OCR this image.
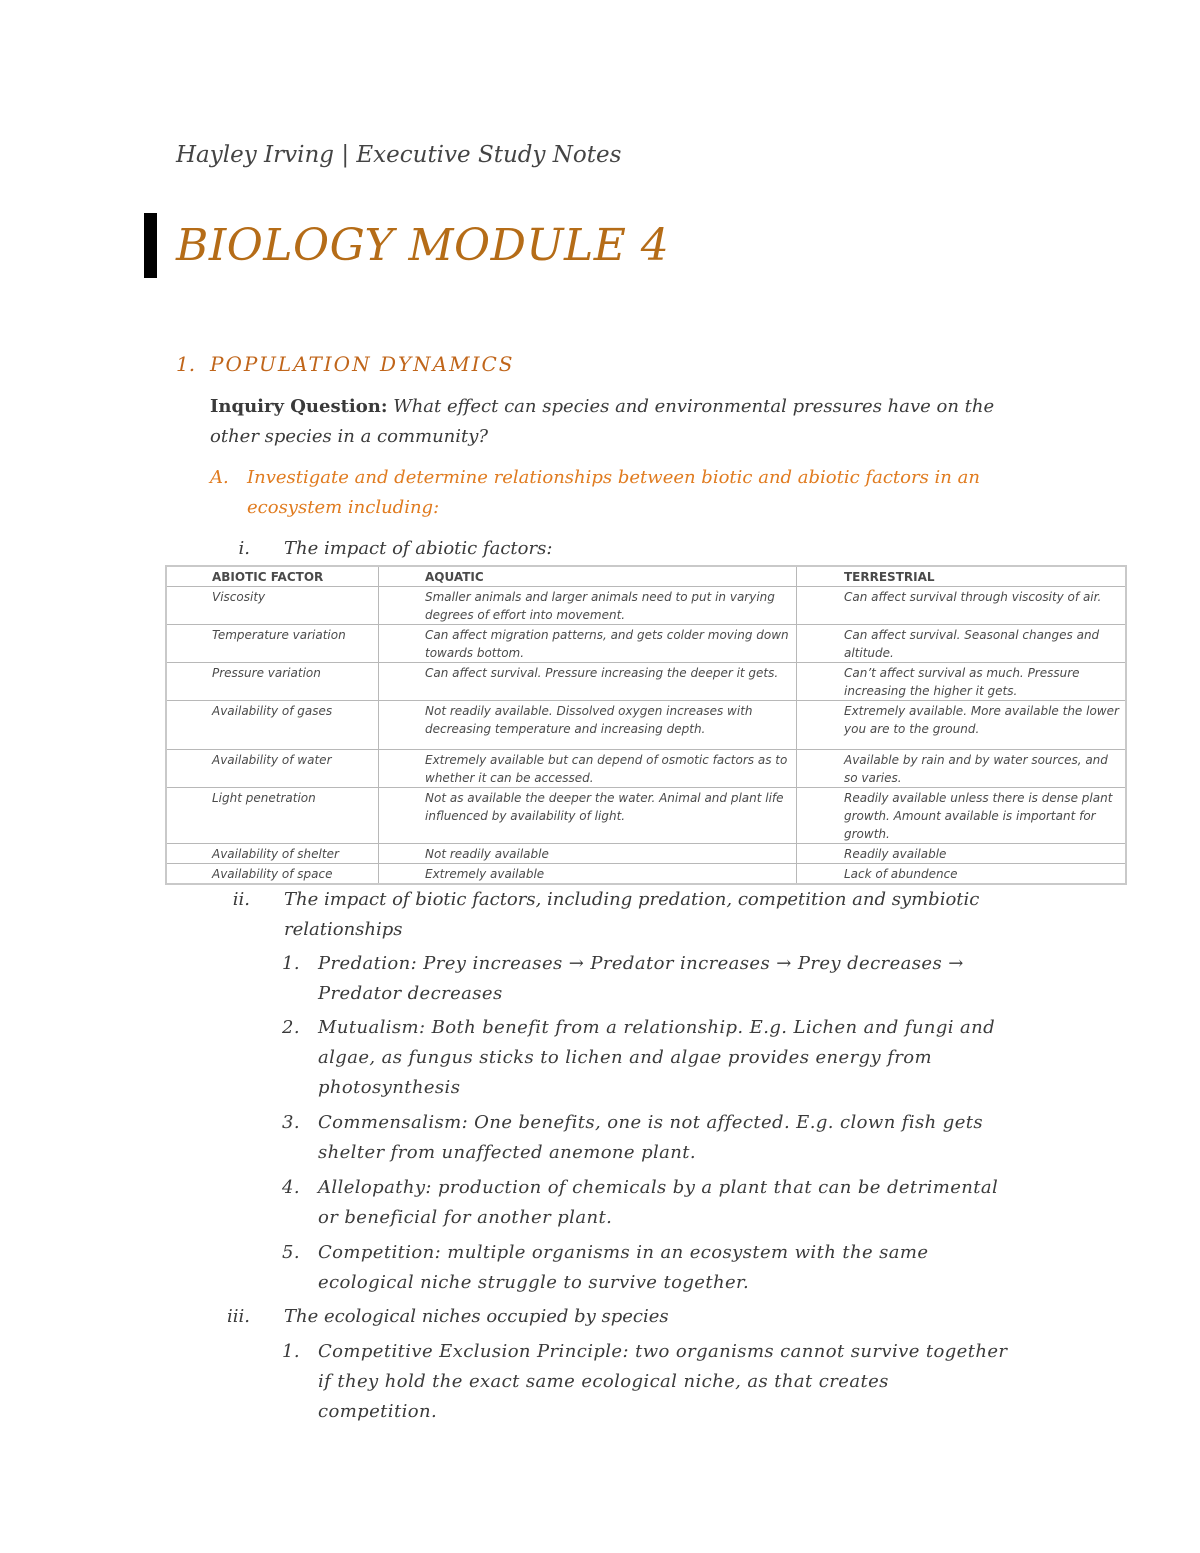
Hayley Irving | Executive Study Notes
BIOLOGY MODULE 4
1. POPULATION DYNAMICS
Inquiry Question: What effect can species and environmental pressures have on the other species in a community?
A.	Investigate and determine relationships between biotic and abiotic factors in an ecosystem including:
i. The impact of abiotic factors:
ABIOTIC FACTOR	AQUATIC	TERRESTRIAL
Viscosity	Smaller animals and larger animals need to put in varying degrees of effort into movement.	Can affect survival through viscosity of air.
Temperature variation	Can affect migration patterns, and gets colder moving down towards bottom.	Can affect survival. Seasonal changes and altitude.
Pressure variation	Can affect survival. Pressure increasing the deeper it gets.	Can’t affect survival as much. Pressure increasing the higher it gets.
Availability of gases	Not readily available. Dissolved oxygen increases with decreasing temperature and increasing depth.	Extremely available. More available the lower you are to the ground.
Availability of water	Extremely available but can depend of osmotic factors as to whether it can be accessed.	Available by rain and by water sources, and so varies.
Light penetration	Not as available the deeper the water. Animal and plant life influenced by availability of light.	Readily available unless there is dense plant growth. Amount available is important for growth.
Availability of shelter	Not readily available	Readily available
Availability of space	Extremely available	Lack of abundence
ii. The impact of biotic factors, including predation, competition and symbiotic relationships
1. Predation: Prey increases → Predator increases → Prey decreases → Predator decreases
2. Mutualism: Both benefit from a relationship. E.g. Lichen and fungi and algae, as fungus sticks to lichen and algae provides energy from photosynthesis
3. Commensalism: One benefits, one is not affected. E.g. clown fish gets shelter from unaffected anemone plant.
4. Allelopathy: production of chemicals by a plant that can be detrimental or beneficial for another plant.
5. Competition: multiple organisms in an ecosystem with the same ecological niche struggle to survive together.
iii. The ecological niches occupied by species
1. Competitive Exclusion Principle: two organisms cannot survive together if they hold the exact same ecological niche, as that creates competition.
